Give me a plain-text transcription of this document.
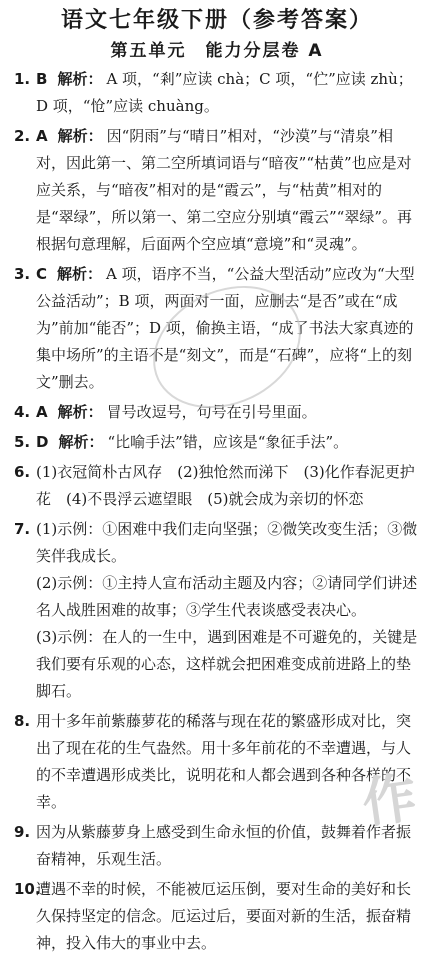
语文七年级下册（参考答案）
第五单元　能力分层卷 A
1. B 解析： A 项，“剎”应读 chà；C 项，“伫”应读 zhù；D 项，“怆”应读 chuàng。
2. A 解析： 因“阴雨”与“晴日”相对，“沙漠”与“清泉”相对，因此第一、第二空所填词语与“暗夜”“枯黄”也应是对应关系，与“暗夜”相对的是“霞云”，与“枯黄”相对的是“翠绿”，所以第一、第二空应分别填“霞云”“翠绿”。再根据句意理解，后面两个空应填“意境”和“灵魂”。
3. C 解析： A 项，语序不当，“公益大型活动”应改为“大型公益活动”；B 项，两面对一面，应删去“是否”或在“成为”前加“能否”；D 项，偷换主语，“成了书法大家真迹的集中场所”的主语不是“刻文”，而是“石碑”，应将“上的刻文”删去。
4. A 解析： 冒号改逗号，句号在引号里面。
5. D 解析： “比喻手法”错，应该是“象征手法”。
6. (1)衣冠简朴古风存　(2)独怆然而涕下　(3)化作春泥更护花　(4)不畏浮云遮望眼　(5)就会成为亲切的怀恋
7. (1)示例：①困难中我们走向坚强；②微笑改变生活；③微笑伴我成长。
(2)示例：①主持人宣布活动主题及内容；②请同学们讲述名人战胜困难的故事；③学生代表谈感受表决心。
(3)示例：在人的一生中，遇到困难是不可避免的，关键是我们要有乐观的心态，这样就会把困难变成前进路上的垫脚石。
8. 用十多年前紫藤萝花的稀落与现在花的繁盛形成对比，突出了现在花的生气盎然。用十多年前花的不幸遭遇，与人的不幸遭遇形成类比，说明花和人都会遇到各种各样的不幸。
9. 因为从紫藤萝身上感受到生命永恒的价值，鼓舞着作者振奋精神，乐观生活。
10.
遭遇不幸的时候，不能被厄运压倒，要对生命的美好和长久保持坚定的信念。厄运过后，要面对新的生活，振奋精神，投入伟大的事业中去。
作
